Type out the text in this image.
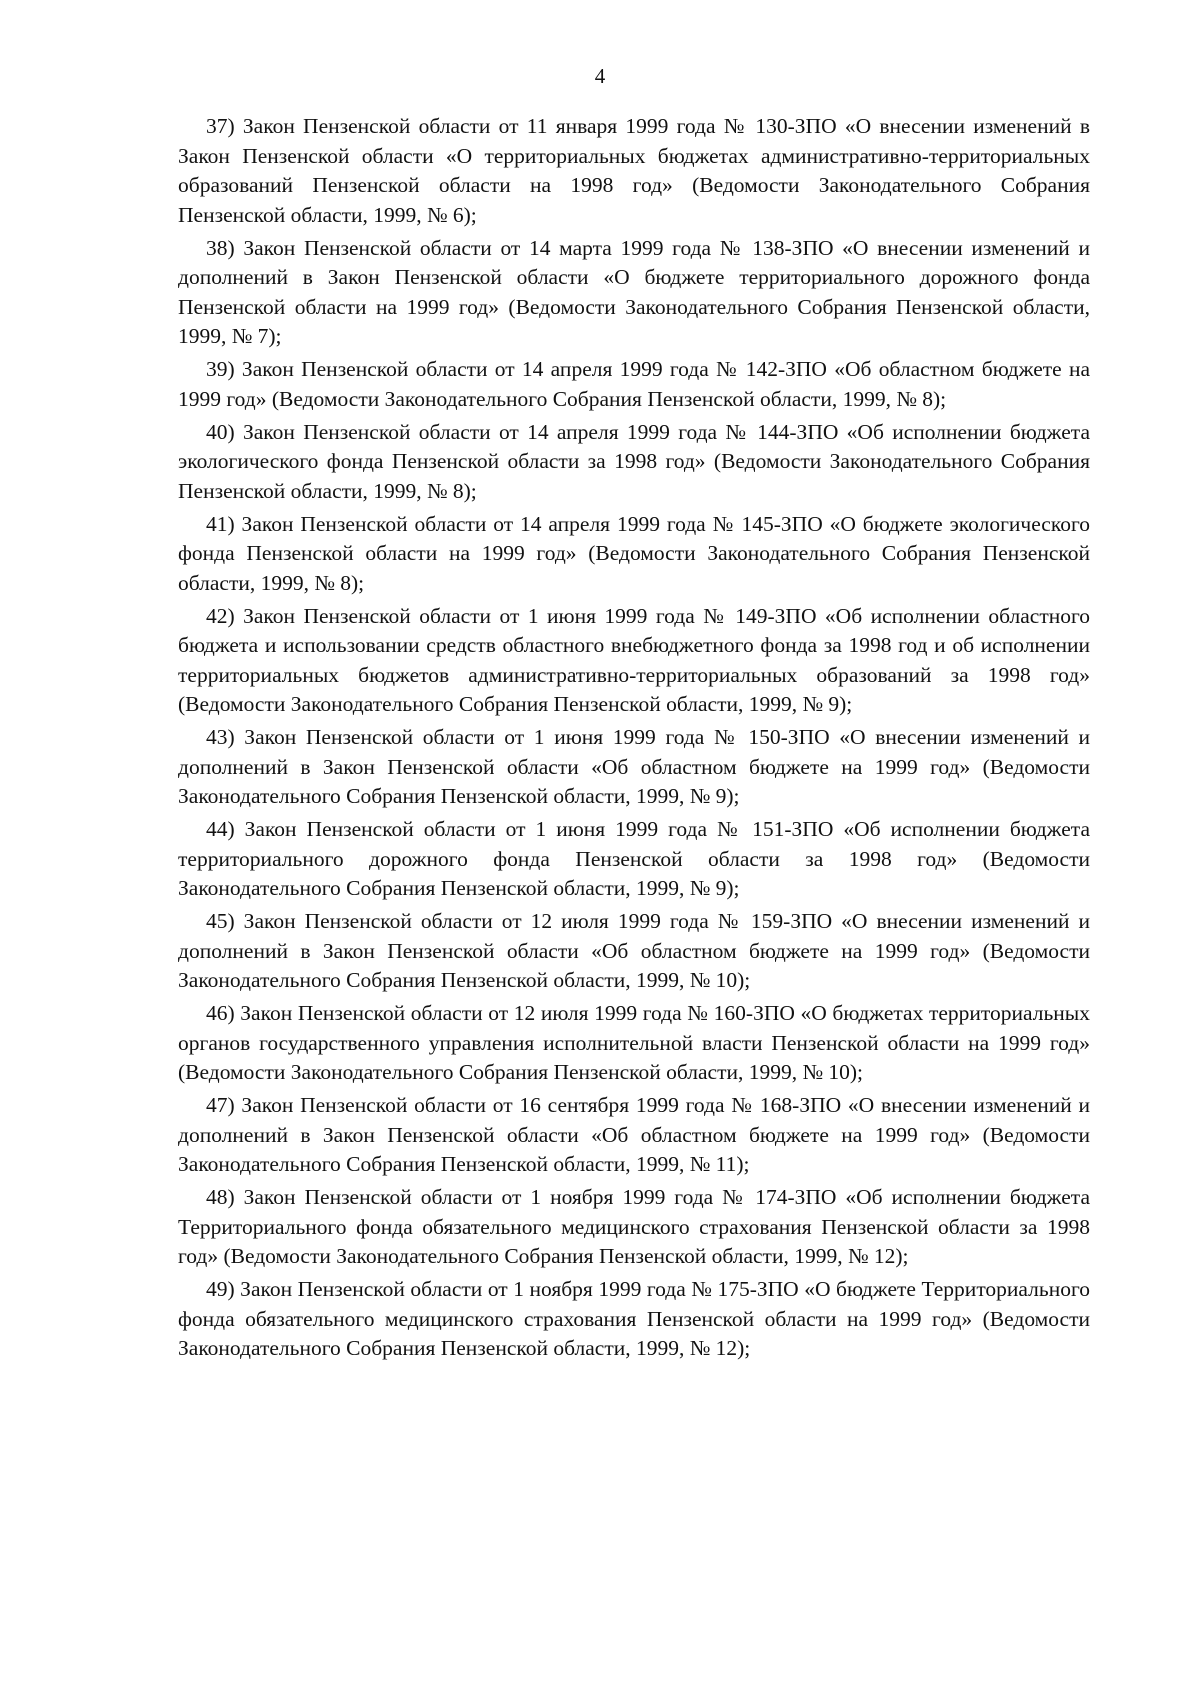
4

37) Закон Пензенской области от 11 января 1999 года № 130-ЗПО «О внесении изменений в Закон Пензенской области «О территориальных бюджетах административно-территориальных образований Пензенской области на 1998 год» (Ведомости Законодательного Собрания Пензенской области, 1999, № 6);

38) Закон Пензенской области от 14 марта 1999 года № 138-ЗПО «О внесении изменений и дополнений в Закон Пензенской области «О бюджете территориального дорожного фонда Пензенской области на 1999 год» (Ведомости Законодательного Собрания Пензенской области, 1999, № 7);

39) Закон Пензенской области от 14 апреля 1999 года № 142-ЗПО «Об областном бюджете на 1999 год» (Ведомости Законодательного Собрания Пензенской области, 1999, № 8);

40) Закон Пензенской области от 14 апреля 1999 года № 144-ЗПО «Об исполнении бюджета экологического фонда Пензенской области за 1998 год» (Ведомости Законодательного Собрания Пензенской области, 1999, № 8);

41) Закон Пензенской области от 14 апреля 1999 года № 145-ЗПО «О бюджете экологического фонда Пензенской области на 1999 год» (Ведомости Законодательного Собрания Пензенской области, 1999, № 8);

42) Закон Пензенской области от 1 июня 1999 года № 149-ЗПО «Об исполнении областного бюджета и использовании средств областного внебюджетного фонда за 1998 год и об исполнении территориальных бюджетов административно-территориальных образований за 1998 год» (Ведомости Законодательного Собрания Пензенской области, 1999, № 9);

43) Закон Пензенской области от 1 июня 1999 года № 150-ЗПО «О внесении изменений и дополнений в Закон Пензенской области «Об областном бюджете на 1999 год» (Ведомости Законодательного Собрания Пензенской области, 1999, № 9);

44) Закон Пензенской области от 1 июня 1999 года № 151-ЗПО «Об исполнении бюджета территориального дорожного фонда Пензенской области за 1998 год» (Ведомости Законодательного Собрания Пензенской области, 1999, № 9);

45) Закон Пензенской области от 12 июля 1999 года № 159-ЗПО «О внесении изменений и дополнений в Закон Пензенской области «Об областном бюджете на 1999 год» (Ведомости Законодательного Собрания Пензенской области, 1999, № 10);

46) Закон Пензенской области от 12 июля 1999 года № 160-ЗПО «О бюджетах территориальных органов государственного управления исполнительной власти Пензенской области на 1999 год» (Ведомости Законодательного Собрания Пензенской области, 1999, № 10);

47) Закон Пензенской области от 16 сентября 1999 года № 168-ЗПО «О внесении изменений и дополнений в Закон Пензенской области «Об областном бюджете на 1999 год» (Ведомости Законодательного Собрания Пензенской области, 1999, № 11);

48) Закон Пензенской области от 1 ноября 1999 года № 174-ЗПО «Об исполнении бюджета Территориального фонда обязательного медицинского страхования Пензенской области за 1998 год» (Ведомости Законодательного Собрания Пензенской области, 1999, № 12);

49) Закон Пензенской области от 1 ноября 1999 года № 175-ЗПО «О бюджете Территориального фонда обязательного медицинского страхования Пензенской области на 1999 год» (Ведомости Законодательного Собрания Пензенской области, 1999, № 12);
